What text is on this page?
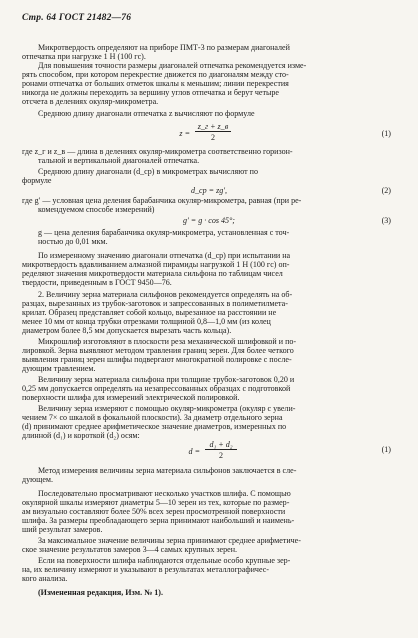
Стр. 64 ГОСТ 21482—76
Микротвердость определяют на приборе ПМТ-3 по размерам диагоналей
отпечатка при нагрузке 1 Н (100 гс).
Для повышения точности размеры диагоналей отпечатка рекомендуется изме-
рять способом, при котором перекрестие движется по диагоналям между сто-
ронами отпечатка от больших отметок шкалы к меньшим; линии перекрестия
никогда не должны переходить за вершину углов отпечатка и берут четыре
отсчета в делениях окуляр-микрометра.
Среднюю длину диагонали отпечатка z вычисляют по формуле
z =
z_г + z_в
2	(1)
где z_г и z_в — длина в делениях окуляр-микрометра соответственно горизон-
тальной и вертикальной диагоналей отпечатка.
Среднюю длину диагонали (d_ср) в микрометрах вычисляют по
формуле
d_ср = zg′,	(2)
где g′ — условная цена деления барабанчика окуляр-микрометра, равная (при ре-
комендуемом способе измерений)
g′ = g · cos 45°;	(3)
g — цена деления барабанчика окуляр-микрометра, установленная с точ-
ностью до 0,01 мкм.
По измеренному значению диагонали отпечатка (d_ср) при испытании на
микротвердость вдавливанием алмазной пирамиды нагрузкой 1 Н (100 гс) оп-
ределяют значения микротвердости материала сильфона по таблицам чисел
твердости, приведенным в ГОСТ 9450—76.
2. Величину зерна материала сильфонов рекомендуется определять на об-
разцах, вырезанных из трубок-заготовок и запрессованных в полиметилмета-
крилат. Образец представляет собой кольцо, вырезанное на расстоянии не
менее 10 мм от конца трубки отрезками толщиной 0,8—1,0 мм (из колец
диаметром более 8,5 мм допускается вырезать часть кольца).
Микрошлиф изготовляют в плоскости реза механической шлифовкой и по-
лировкой. Зерна выявляют методом травления границ зерен. Для более четкого
выявления границ зерен шлифы подвергают многократной полировке с после-
дующим травлением.
Величину зерна материала сильфона при толщине трубок-заготовок 0,20 и
0,25 мм допускается определять на незапрессованных образцах с подготовкой
поверхности шлифа для измерений электрической полировкой.
Величину зерна измеряют с помощью окуляр-микрометра (окуляр с увели-
чением 7× со шкалой в фокальной плоскости). За диаметр отдельного зерна
(d) принимают среднее арифметическое значение диаметров, измеренных по
длинной (d₁) и короткой (d₂) осям:
d =
d₁ + d₂
2
(1)
Метод измерения величины зерна материала сильфонов заключается в сле-
дующем.
Последовательно просматривают несколько участков шлифа. С помощью
окулярной шкалы измеряют диаметры 5—10 зерен из тех, которые по размер-
ам визуально составляют более 50% всех зерен просмотренной поверхности
шлифа. За размеры преобладающего зерна принимают наибольший и наимень-
ший результат замеров.
За максимальное значение величины зерна принимают среднее арифметиче-
ское значение результатов замеров 3—4 самых крупных зерен.
Если на поверхности шлифа наблюдаются отдельные особо крупные зер-
на, их величину измеряют и указывают в результатах металлографичес-
кого анализа.
(Измененная редакция, Изм. № 1).
